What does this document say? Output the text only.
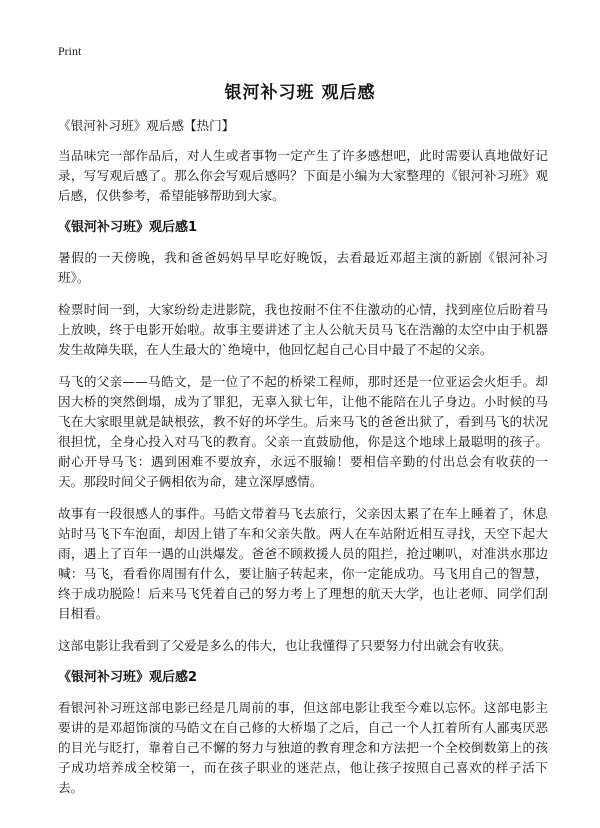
Print
银河补习班 观后感

《银河补习班》观后感【热门】

当品味完一部作品后，对人生或者事物一定产生了许多感想吧，此时需要认真地做好记录，写写观后感了。那么你会写观后感吗？下面是小编为大家整理的《银河补习班》观后感，仅供参考，希望能够帮助到大家。

《银河补习班》观后感1

暑假的一天傍晚，我和爸爸妈妈早早吃好晚饭，去看最近邓超主演的新剧《银河补习班》。

检票时间一到，大家纷纷走进影院，我也按耐不住不住激动的心情，找到座位后盼着马上放映，终于电影开始啦。故事主要讲述了主人公航天员马飞在浩瀚的太空中由于机器发生故障失联，在人生最大的`绝境中，他回忆起自己心目中最了不起的父亲。

马飞的父亲——马皓文，是一位了不起的桥梁工程师，那时还是一位亚运会火炬手。却因大桥的突然倒塌，成为了罪犯，无辜入狱七年，让他不能陪在儿子身边。小时候的马飞在大家眼里就是缺根弦，教不好的坏学生。后来马飞的爸爸出狱了，看到马飞的状况很担忧，全身心投入对马飞的教育。父亲一直鼓励他，你是这个地球上最聪明的孩子。耐心开导马飞：遇到困难不要放弃，永远不服输！要相信辛勤的付出总会有收获的一天。那段时间父子俩相依为命，建立深厚感情。

故事有一段很感人的事件。马皓文带着马飞去旅行，父亲因太累了在车上睡着了，休息站时马飞下车泡面，却因上错了车和父亲失散。两人在车站附近相互寻找，天空下起大雨，遇上了百年一遇的山洪爆发。爸爸不顾救援人员的阻拦，抢过喇叭，对准洪水那边喊：马飞，看看你周围有什么，要让脑子转起来，你一定能成功。马飞用自己的智慧，终于成功脱险！后来马飞凭着自己的努力考上了理想的航天大学，也让老师、同学们刮目相看。

这部电影让我看到了父爱是多么的伟大，也让我懂得了只要努力付出就会有收获。

《银河补习班》观后感2

看银河补习班这部电影已经是几周前的事，但这部电影让我至今难以忘怀。这部电影主要讲的是邓超饰演的马皓文在自己修的大桥塌了之后，自己一个人扛着所有人鄙夷厌恶的目光与眨打，靠着自己不懈的努力与独道的教育理念和方法把一个全校倒数第上的孩子成功培养成全校第一，而在孩子职业的迷茫点，他让孩子按照自己喜欢的样子活下去。
